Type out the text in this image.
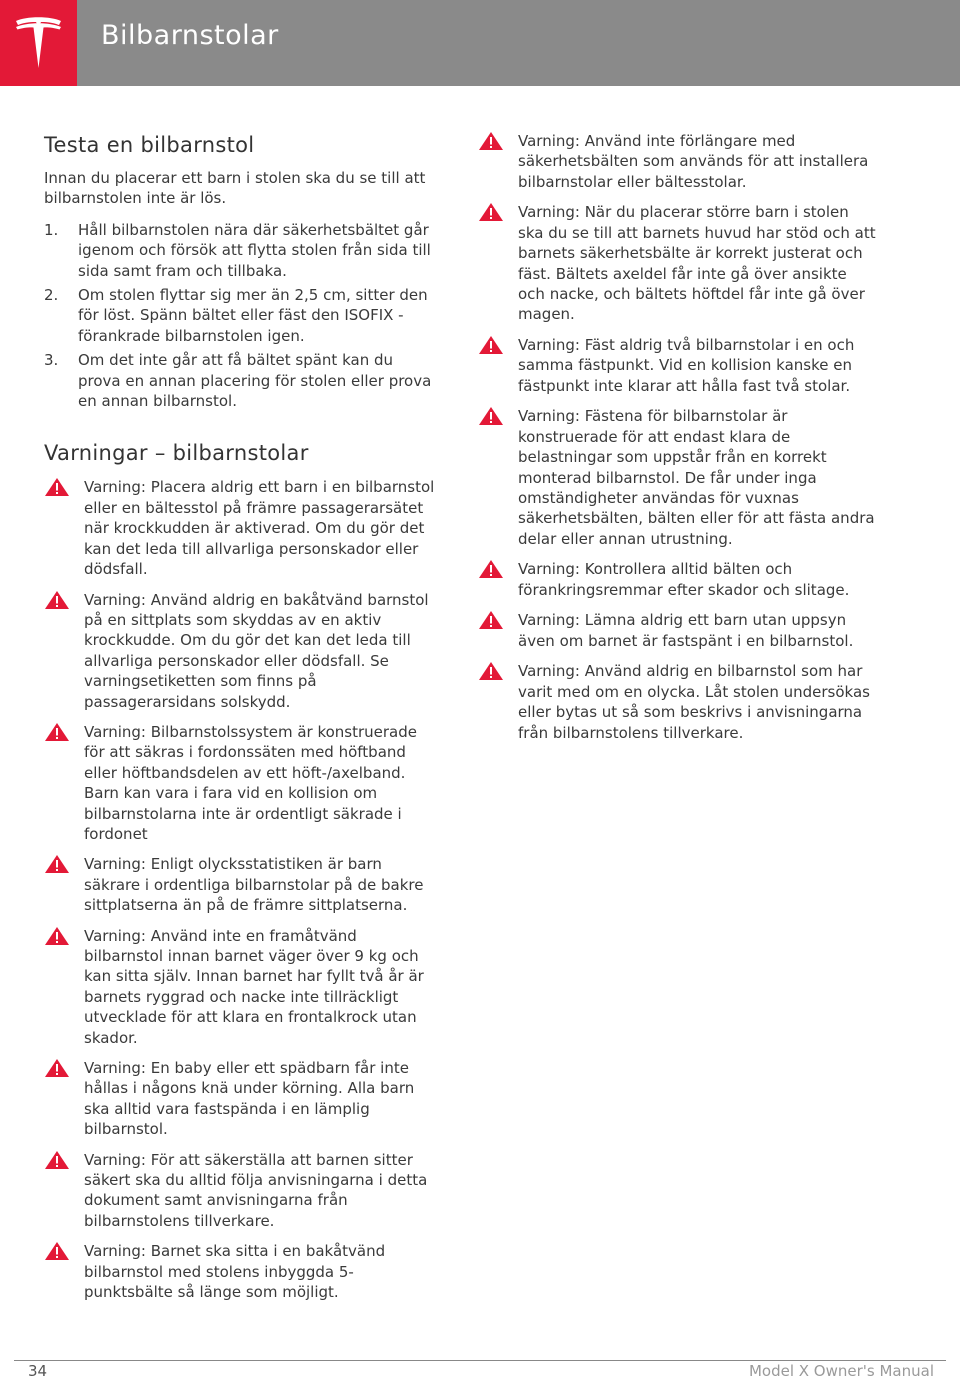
Bilbarnstolar
Testa en bilbarnstol
Innan du placerar ett barn i stolen ska du se till att bilbarnstolen inte är lös.
1. Håll bilbarnstolen nära där säkerhetsbältet går igenom och försök att flytta stolen från sida till sida samt fram och tillbaka.
2. Om stolen flyttar sig mer än 2,5 cm, sitter den för löst. Spänn bältet eller fäst den ISOFIX -förankrade bilbarnstolen igen.
3. Om det inte går att få bältet spänt kan du prova en annan placering för stolen eller prova en annan bilbarnstol.
Varningar – bilbarnstolar
Varning: Placera aldrig ett barn i en bilbarnstol eller en bältesstol på främre passagerarsätet när krockkudden är aktiverad. Om du gör det kan det leda till allvarliga personskador eller dödsfall.
Varning: Använd aldrig en bakåtvänd barnstol på en sittplats som skyddas av en aktiv krockkudde. Om du gör det kan det leda till allvarliga personskador eller dödsfall. Se varningsetiketten som finns på passagerarsidans solskydd.
Varning: Bilbarnstolssystem är konstruerade för att säkras i fordonssäten med höftband eller höftbandsdelen av ett höft-/axelband. Barn kan vara i fara vid en kollision om bilbarnstolarna inte är ordentligt säkrade i fordonet
Varning: Enligt olycksstatistiken är barn säkrare i ordentliga bilbarnstolar på de bakre sittplatserna än på de främre sittplatserna.
Varning: Använd inte en framåtvänd bilbarnstol innan barnet väger över 9 kg och kan sitta själv. Innan barnet har fyllt två år är barnets ryggrad och nacke inte tillräckligt utvecklade för att klara en frontalkrock utan skador.
Varning: En baby eller ett spädbarn får inte hållas i någons knä under körning. Alla barn ska alltid vara fastspända i en lämplig bilbarnstol.
Varning: För att säkerställa att barnen sitter säkert ska du alltid följa anvisningarna i detta dokument samt anvisningarna från bilbarnstolens tillverkare.
Varning: Barnet ska sitta i en bakåtvänd bilbarnstol med stolens inbyggda 5-punktsbälte så länge som möjligt.
Varning: Använd inte förlängare med säkerhetsbälten som används för att installera bilbarnstolar eller bältesstolar.
Varning: När du placerar större barn i stolen ska du se till att barnets huvud har stöd och att barnets säkerhetsbälte är korrekt justerat och fäst. Bältets axeldel får inte gå över ansikte och nacke, och bältets höftdel får inte gå över magen.
Varning: Fäst aldrig två bilbarnstolar i en och samma fästpunkt. Vid en kollision kanske en fästpunkt inte klarar att hålla fast två stolar.
Varning: Fästena för bilbarnstolar är konstruerade för att endast klara de belastningar som uppstår från en korrekt monterad bilbarnstol. De får under inga omständigheter användas för vuxnas säkerhetsbälten, bälten eller för att fästa andra delar eller annan utrustning.
Varning: Kontrollera alltid bälten och förankringsremmar efter skador och slitage.
Varning: Lämna aldrig ett barn utan uppsyn även om barnet är fastspänt i en bilbarnstol.
Varning: Använd aldrig en bilbarnstol som har varit med om en olycka. Låt stolen undersökas eller bytas ut så som beskrivs i anvisningarna från bilbarnstolens tillverkare.
34	Model X Owner's Manual
